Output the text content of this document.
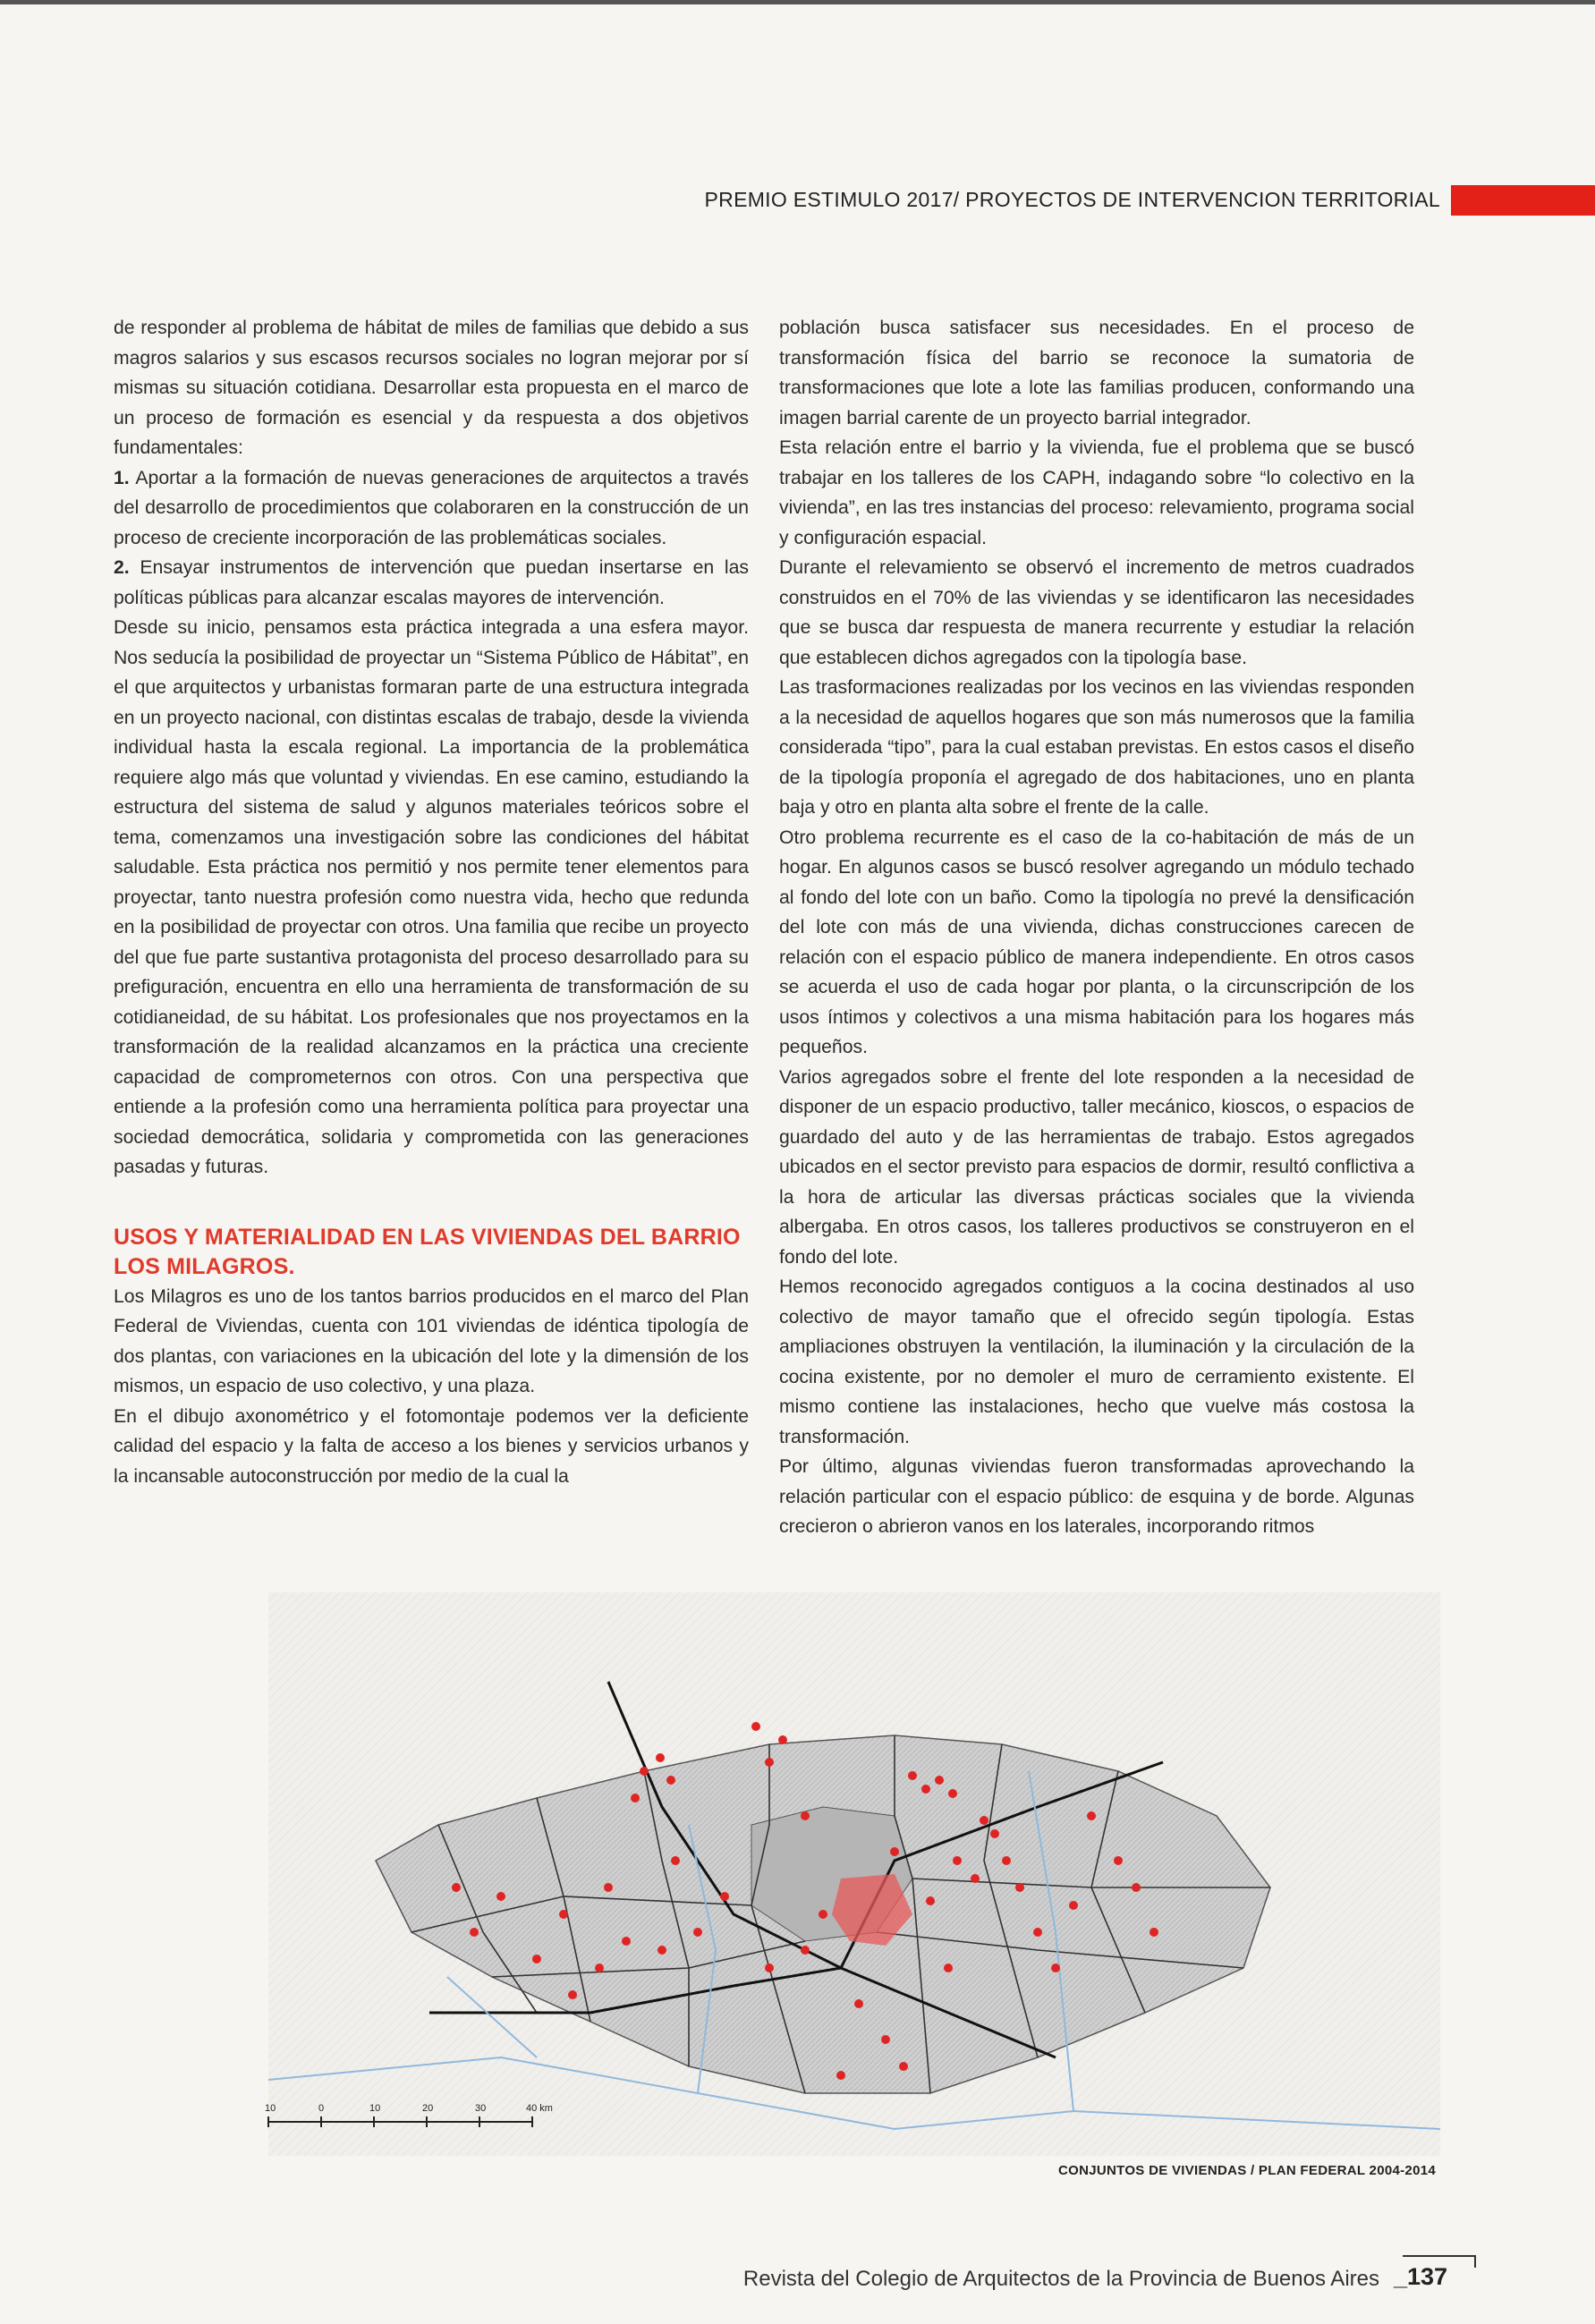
PREMIO ESTIMULO 2017/ PROYECTOS DE INTERVENCION TERRITORIAL

de responder al problema de hábitat de miles de familias que debido a sus magros salarios y sus escasos recursos sociales no logran mejorar por sí mismas su situación cotidiana. Desarrollar esta propuesta en el marco de un proceso de formación es esencial y da respuesta a dos objetivos fundamentales:

1. Aportar a la formación de nuevas generaciones de arquitectos a través del desarrollo de procedimientos que colaboraren en la construcción de un proceso de creciente incorporación de las problemáticas sociales.

2. Ensayar instrumentos de intervención que puedan insertarse en las políticas públicas para alcanzar escalas mayores de intervención.

Desde su inicio, pensamos esta práctica integrada a una esfera mayor. Nos seducía la posibilidad de proyectar un “Sistema Público de Hábitat”, en el que arquitectos y urbanistas formaran parte de una estructura integrada en un proyecto nacional, con distintas escalas de trabajo, desde la vivienda individual hasta la escala regional. La importancia de la problemática requiere algo más que voluntad y viviendas. En ese camino, estudiando la estructura del sistema de salud y algunos materiales teóricos sobre el tema, comenzamos una investigación sobre las condiciones del hábitat saludable. Esta práctica nos permitió y nos permite tener elementos para proyectar, tanto nuestra profesión como nuestra vida, hecho que redunda en la posibilidad de proyectar con otros. Una familia que recibe un proyecto del que fue parte sustantiva protagonista del proceso desarrollado para su prefiguración, encuentra en ello una herramienta de transformación de su cotidianeidad, de su hábitat. Los profesionales que nos proyectamos en la transformación de la realidad alcanzamos en la práctica una creciente capacidad de comprometernos con otros. Con una perspectiva que entiende a la profesión como una herramienta política para proyectar una sociedad democrática, solidaria y comprometida con las generaciones pasadas y futuras.

USOS Y MATERIALIDAD EN LAS VIVIENDAS DEL BARRIO LOS MILAGROS.

Los Milagros es uno de los tantos barrios producidos en el marco del Plan Federal de Viviendas, cuenta con 101 viviendas de idéntica tipología de dos plantas, con variaciones en la ubicación del lote y la dimensión de los mismos, un espacio de uso colectivo, y una plaza.

En el dibujo axonométrico y el fotomontaje podemos ver la deficiente calidad del espacio y la falta de acceso a los bienes y servicios urbanos y la incansable autoconstrucción por medio de la cual la

población busca satisfacer sus necesidades. En el proceso de transformación física del barrio se reconoce la sumatoria de transformaciones que lote a lote las familias producen, conformando una imagen barrial carente de un proyecto barrial integrador.

Esta relación entre el barrio y la vivienda, fue el problema que se buscó trabajar en los talleres de los CAPH, indagando sobre “lo colectivo en la vivienda”, en las tres instancias del proceso: relevamiento, programa social y configuración espacial.

Durante el relevamiento se observó el incremento de metros cuadrados construidos en el 70% de las viviendas y se identificaron las necesidades que se busca dar respuesta de manera recurrente y estudiar la relación que establecen dichos agregados con la tipología base.

Las trasformaciones realizadas por los vecinos en las viviendas responden a la necesidad de aquellos hogares que son más numerosos que la familia considerada “tipo”, para la cual estaban previstas. En estos casos el diseño de la tipología proponía el agregado de dos habitaciones, uno en planta baja y otro en planta alta sobre el frente de la calle.

Otro problema recurrente es el caso de la co-habitación de más de un hogar. En algunos casos se buscó resolver agregando un módulo techado al fondo del lote con un baño. Como la tipología no prevé la densificación del lote con más de una vivienda, dichas construcciones carecen de relación con el espacio público de manera independiente. En otros casos se acuerda el uso de cada hogar por planta, o la circunscripción de los usos íntimos y colectivos a una misma habitación para los hogares más pequeños.

Varios agregados sobre el frente del lote responden a la necesidad de disponer de un espacio productivo, taller mecánico, kioscos, o espacios de guardado del auto y de las herramientas de trabajo. Estos agregados ubicados en el sector previsto para espacios de dormir, resultó conflictiva a la hora de articular las diversas prácticas sociales que la vivienda albergaba. En otros casos, los talleres productivos se construyeron en el fondo del lote.

Hemos reconocido agregados contiguos a la cocina destinados al uso colectivo de mayor tamaño que el ofrecido según tipología. Estas ampliaciones obstruyen la ventilación, la iluminación y la circulación de la cocina existente, por no demoler el muro de cerramiento existente. El mismo contiene las instalaciones, hecho que vuelve más costosa la transformación.

Por último, algunas viviendas fueron transformadas aprovechando la relación particular con el espacio público: de esquina y de borde. Algunas crecieron o abrieron vanos en los laterales, incorporando ritmos

10	0	10	20	30	40 km
CONJUNTOS DE VIVIENDAS / PLAN FEDERAL 2004-2014
Revista del Colegio de Arquitectos de la Provincia de Buenos Aires _137
